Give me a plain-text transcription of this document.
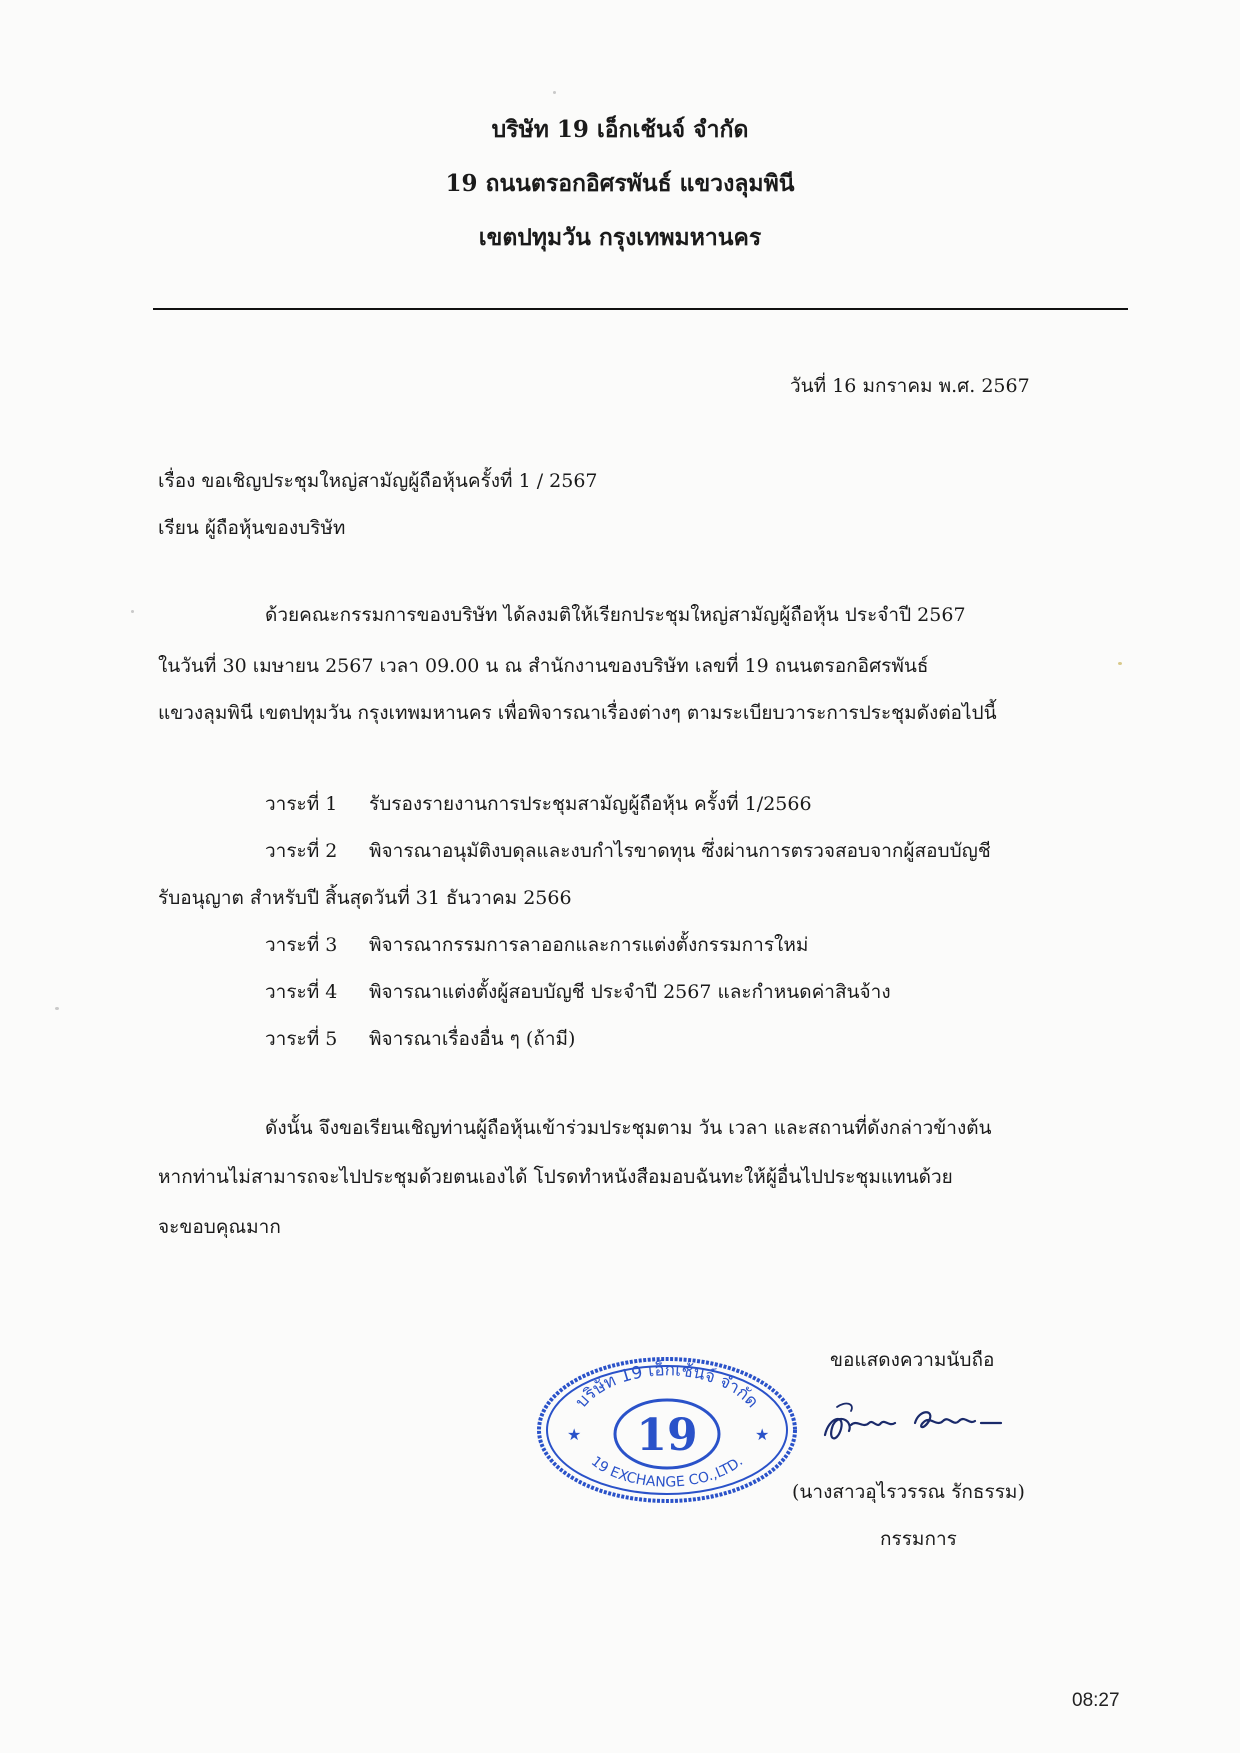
บริษัท 19 เอ็กเช้นจ์ จำกัด
19 ถนนตรอกอิศรพันธ์ แขวงลุมพินี
เขตปทุมวัน กรุงเทพมหานคร
วันที่ 16 มกราคม พ.ศ. 2567
เรื่อง ขอเชิญประชุมใหญ่สามัญผู้ถือหุ้นครั้งที่ 1 / 2567
เรียน ผู้ถือหุ้นของบริษัท
ด้วยคณะกรรมการของบริษัท ได้ลงมติให้เรียกประชุมใหญ่สามัญผู้ถือหุ้น ประจำปี 2567
ในวันที่ 30 เมษายน 2567 เวลา 09.00 น ณ สำนักงานของบริษัท เลขที่ 19 ถนนตรอกอิศรพันธ์
แขวงลุมพินี เขตปทุมวัน กรุงเทพมหานคร เพื่อพิจารณาเรื่องต่างๆ ตามระเบียบวาระการประชุมดังต่อไปนี้
วาระที่ 1 รับรองรายงานการประชุมสามัญผู้ถือหุ้น ครั้งที่ 1/2566
วาระที่ 2 พิจารณาอนุมัติงบดุลและงบกำไรขาดทุน ซึ่งผ่านการตรวจสอบจากผู้สอบบัญชี
รับอนุญาต สำหรับปี สิ้นสุดวันที่ 31 ธันวาคม 2566
วาระที่ 3 พิจารณากรรมการลาออกและการแต่งตั้งกรรมการใหม่
วาระที่ 4 พิจารณาแต่งตั้งผู้สอบบัญชี ประจำปี 2567 และกำหนดค่าสินจ้าง
วาระที่ 5 พิจารณาเรื่องอื่น ๆ (ถ้ามี)
ดังนั้น จึงขอเรียนเชิญท่านผู้ถือหุ้นเข้าร่วมประชุมตาม วัน เวลา และสถานที่ดังกล่าวข้างต้น
หากท่านไม่สามารถจะไปประชุมด้วยตนเองได้ โปรดทำหนังสือมอบฉันทะให้ผู้อื่นไปประชุมแทนด้วย
จะขอบคุณมาก
19
บริษัท 19 เอ็กเช้นจ์ จำกัด
19 EXCHANGE CO.,LTD.
★	★
ขอแสดงความนับถือ
(นางสาวอุไรวรรณ รักธรรม)
กรรมการ
08:27
